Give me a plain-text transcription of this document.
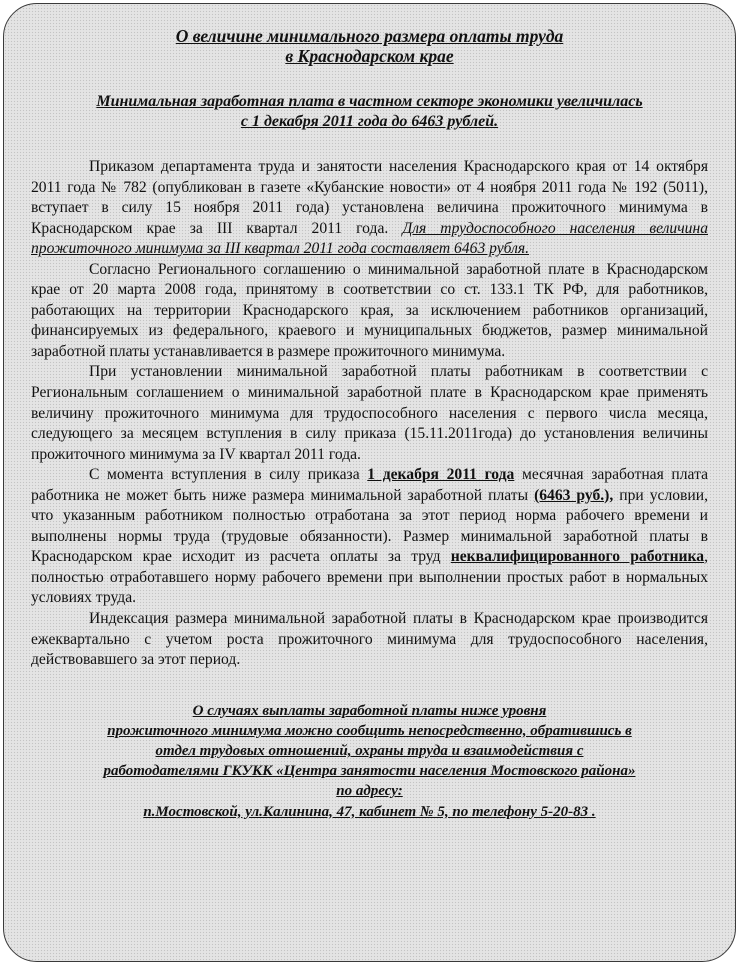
О величине минимального размера оплаты труда
в Краснодарском крае
Минимальная заработная плата в частном секторе экономики увеличилась
с 1 декабря 2011 года до 6463 рублей.

Приказом департамента труда и занятости населения Краснодарского края от 14 октября 2011 года № 782 (опубликован в газете «Кубанские новости» от 4 ноября 2011 года № 192 (5011), вступает в силу 15 ноября 2011 года) установлена величина прожиточного минимума в Краснодарском крае за III квартал 2011 года. Для трудоспособного населения величина прожиточного минимума за III квартал 2011 года составляет 6463 рубля.

Согласно Регионального соглашению о минимальной заработной плате в Краснодарском крае от 20 марта 2008 года, принятому в соответствии со ст. 133.1 ТК РФ, для работников, работающих на территории Краснодарского края, за исключением работников организаций, финансируемых из федерального, краевого и муниципальных бюджетов, размер минимальной заработной платы устанавливается в размере прожиточного минимума.

При установлении минимальной заработной платы работникам в соответствии с Региональным соглашением о минимальной заработной плате в Краснодарском крае применять величину прожиточного минимума для трудоспособного населения с первого числа месяца, следующего за месяцем вступления в силу приказа (15.11.2011года) до установления величины прожиточного минимума за IV квартал 2011 года.

С момента вступления в силу приказа 1 декабря 2011 года месячная заработная плата работника не может быть ниже размера минимальной заработной платы (6463 руб.), при условии, что указанным работником полностью отработана за этот период норма рабочего времени и выполнены нормы труда (трудовые обязанности). Размер минимальной заработной платы в Краснодарском крае исходит из расчета оплаты за труд неквалифицированного работника, полностью отработавшего норму рабочего времени при выполнении простых работ в нормальных условиях труда.

Индексация размера минимальной заработной платы в Краснодарском крае производится ежеквартально с учетом роста прожиточного минимума для трудоспособного населения, действовавшего за этот период.

О случаях выплаты заработной платы ниже уровня
прожиточного минимума можно сообщить непосредственно, обратившись в
отдел трудовых отношений, охраны труда и взаимодействия с
работодателями ГКУКК «Центра занятости населения Мостовского района»
по адресу:
п.Мостовской, ул.Калинина, 47, кабинет № 5, по телефону 5-20-83 .
